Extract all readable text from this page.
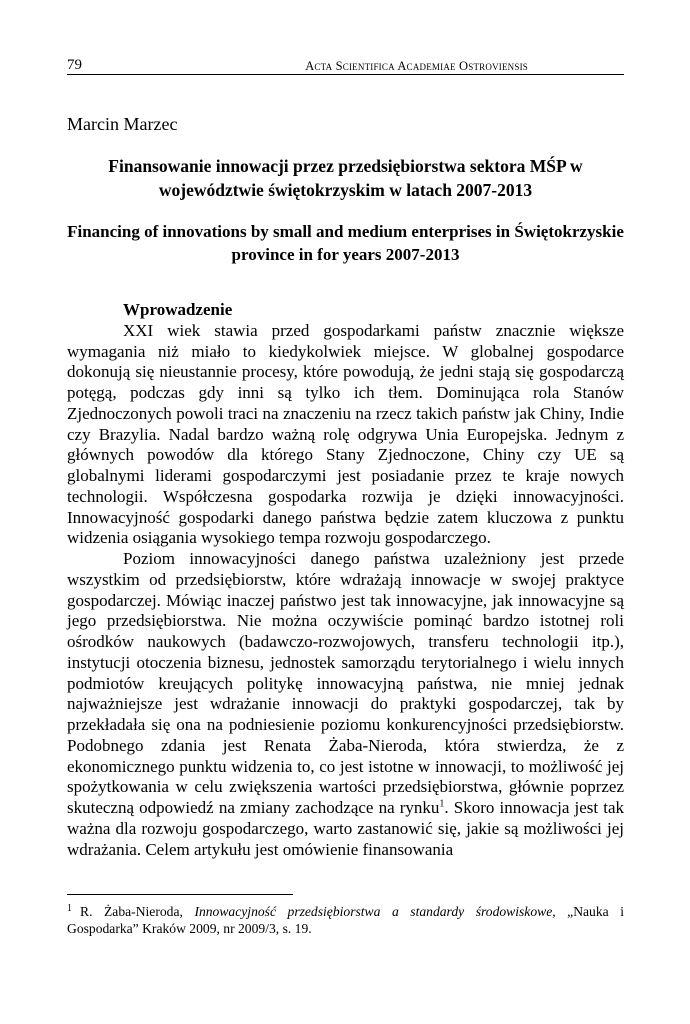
79	Acta Scientifica Academiae Ostroviensis
Marcin Marzec
Finansowanie innowacji przez przedsiębiorstwa sektora MŚP w województwie świętokrzyskim w latach 2007-2013
Financing of innovations by small and medium enterprises in Świętokrzyskie province in for years 2007-2013
Wprowadzenie

XXI wiek stawia przed gospodarkami państw znacznie większe wymagania niż miało to kiedykolwiek miejsce. W globalnej gospodarce dokonują się nieustannie procesy, które powodują, że jedni stają się gospodarczą potęgą, podczas gdy inni są tylko ich tłem. Dominująca rola Stanów Zjednoczonych powoli traci na znaczeniu na rzecz takich państw jak Chiny, Indie czy Brazylia. Nadal bardzo ważną rolę odgrywa Unia Europejska. Jednym z głównych powodów dla którego Stany Zjednoczone, Chiny czy UE są globalnymi liderami gospodarczymi jest posiadanie przez te kraje nowych technologii. Współczesna gospodarka rozwija je dzięki innowacyjności. Innowacyjność gospodarki danego państwa będzie zatem kluczowa z punktu widzenia osiągania wysokiego tempa rozwoju gospodarczego.

Poziom innowacyjności danego państwa uzależniony jest przede wszystkim od przedsiębiorstw, które wdrażają innowacje w swojej praktyce gospodarczej. Mówiąc inaczej państwo jest tak innowacyjne, jak innowacyjne są jego przedsiębiorstwa. Nie można oczywiście pominąć bardzo istotnej roli ośrodków naukowych (badawczo-rozwojowych, transferu technologii itp.), instytucji otoczenia biznesu, jednostek samorządu terytorialnego i wielu innych podmiotów kreujących politykę innowacyjną państwa, nie mniej jednak najważniejsze jest wdrażanie innowacji do praktyki gospodarczej, tak by przekładała się ona na podniesienie poziomu konkurencyjności przedsiębiorstw. Podobnego zdania jest Renata Żaba-Nieroda, która stwierdza, że z ekonomicznego punktu widzenia to, co jest istotne w innowacji, to możliwość jej spożytkowania w celu zwiększenia wartości przedsiębiorstwa, głównie poprzez skuteczną odpowiedź na zmiany zachodzące na rynku$^1$. Skoro innowacja jest tak ważna dla rozwoju gospodarczego, warto zastanowić się, jakie są możliwości jej wdrażania. Celem artykułu jest omówienie finansowania

1 R. Żaba-Nieroda, Innowacyjność przedsiębiorstwa a standardy środowiskowe, „Nauka i Gospodarka” Kraków 2009, nr 2009/3, s. 19.
